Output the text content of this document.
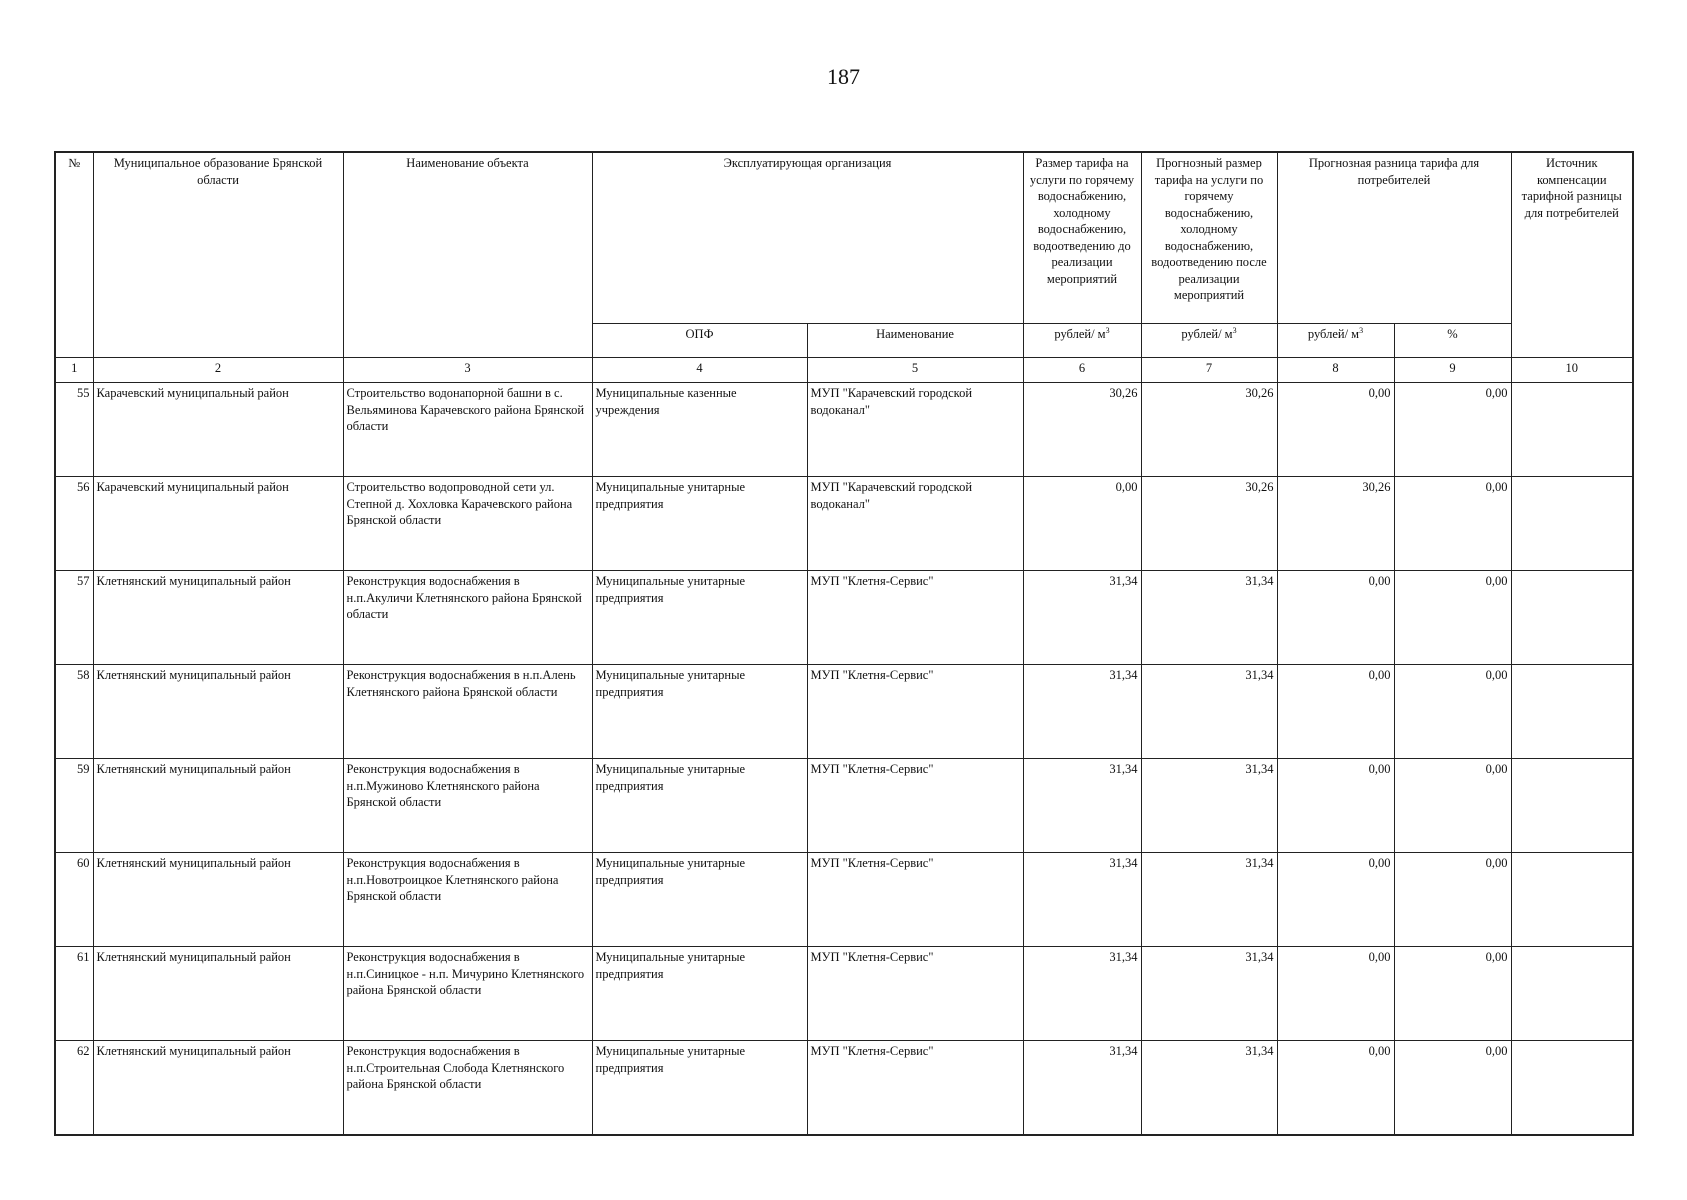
187
№	Муниципальное образование Брянской области	Наименование объекта	Эксплуатирующая организация		Размер тарифа на услуги по горячему водоснабжению, холодному водоснабжению, водоотведению до реализации мероприятий	Прогнозный размер тарифа на услуги по горячему водоснабжению, холодному водоснабжению, водоотведению после реализации мероприятий	Прогнозная разница тарифа для потребителей		Источник компенсации тарифной разницы для потребителей
			ОПФ	Наименование	рублей/ $м^3$	рублей/ $м^3$	рублей/ $м^3$	%	
1	2	3	4	5	6	7	8	9	10
55	Карачевский муниципальный район	Строительство водонапорной башни в с. Вельяминова Карачевского района Брянской области	Муниципальные казенные учреждения	МУП "Карачевский городской водоканал"	30,26	30,26	0,00	0,00	
56	Карачевский муниципальный район	Строительство водопроводной сети ул. Степной д. Хохловка Карачевского района Брянской области	Муниципальные унитарные предприятия	МУП "Карачевский городской водоканал"	0,00	30,26	30,26	0,00	
57	Клетнянский муниципальный район	Реконструкция водоснабжения в н.п.Акуличи Клетнянского района Брянской области	Муниципальные унитарные предприятия	МУП "Клетня-Сервис"	31,34	31,34	0,00	0,00	
58	Клетнянский муниципальный район	Реконструкция водоснабжения в н.п.Алень Клетнянского района Брянской области	Муниципальные унитарные предприятия	МУП "Клетня-Сервис"	31,34	31,34	0,00	0,00	
59	Клетнянский муниципальный район	Реконструкция водоснабжения в н.п.Мужиново Клетнянского района Брянской области	Муниципальные унитарные предприятия	МУП "Клетня-Сервис"	31,34	31,34	0,00	0,00	
60	Клетнянский муниципальный район	Реконструкция водоснабжения в н.п.Новотроицкое Клетнянского района Брянской области	Муниципальные унитарные предприятия	МУП "Клетня-Сервис"	31,34	31,34	0,00	0,00	
61	Клетнянский муниципальный район	Реконструкция водоснабжения в н.п.Синицкое - н.п. Мичурино Клетнянского района Брянской области	Муниципальные унитарные предприятия	МУП "Клетня-Сервис"	31,34	31,34	0,00	0,00	
62	Клетнянский муниципальный район	Реконструкция водоснабжения в н.п.Строительная Слобода Клетнянского района Брянской области	Муниципальные унитарные предприятия	МУП "Клетня-Сервис"	31,34	31,34	0,00	0,00	
